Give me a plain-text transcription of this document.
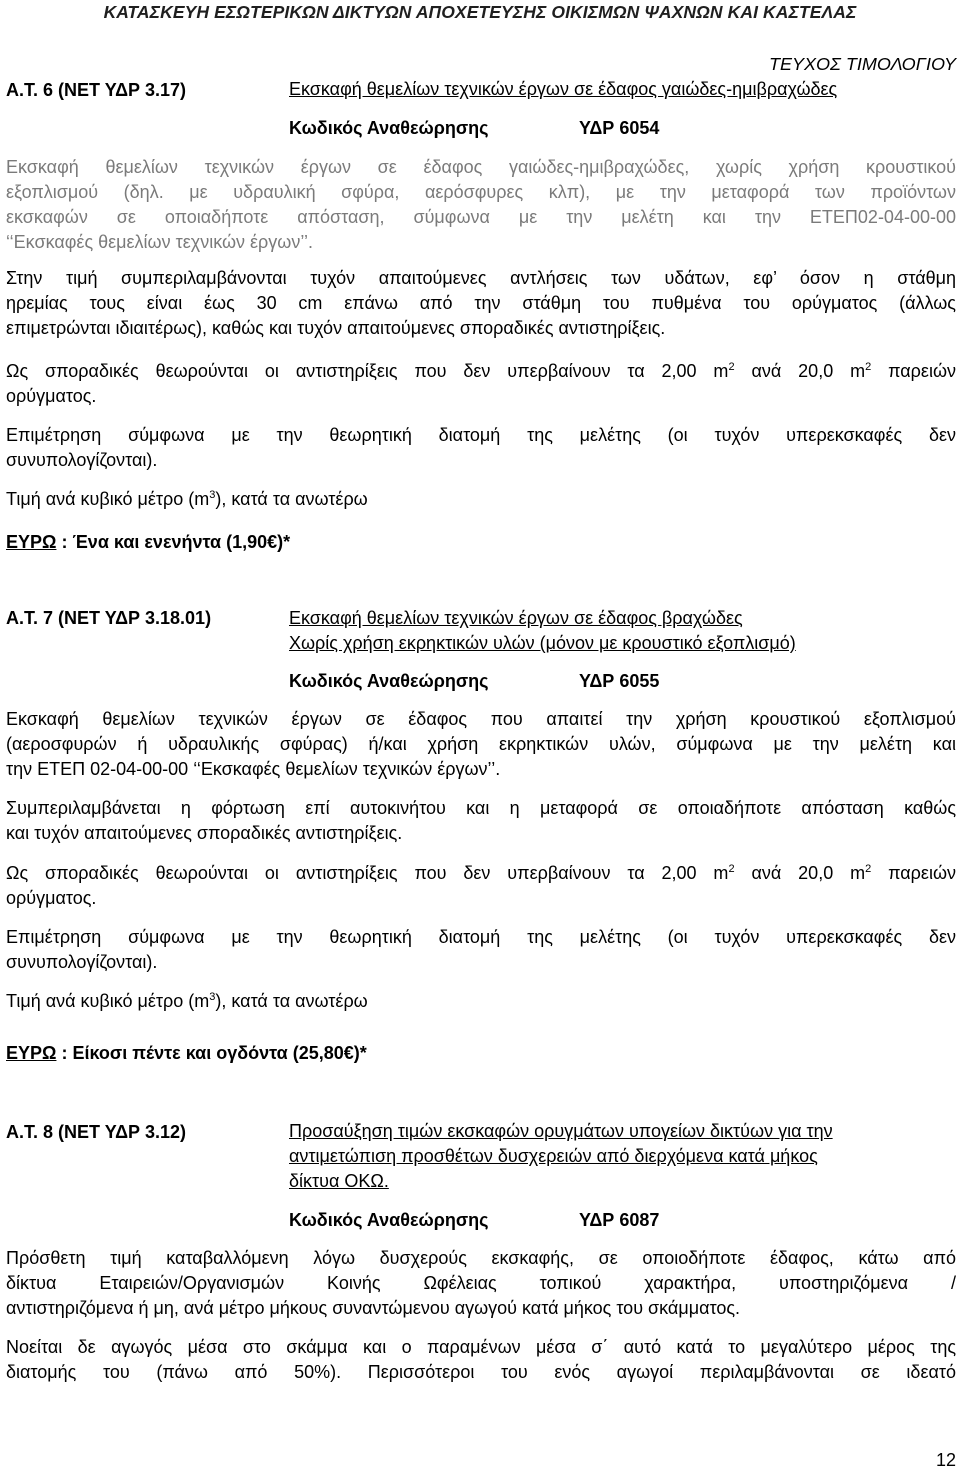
ΚΑΤΑΣΚΕΥΗ ΕΣΩΤΕΡΙΚΩΝ ΔΙΚΤΥΩΝ ΑΠΟΧΕΤΕΥΣΗΣ ΟΙΚΙΣΜΩΝ ΨΑΧΝΩΝ ΚΑΙ ΚΑΣΤΕΛΑΣ
ΤΕΥΧΟΣ ΤΙΜΟΛΟΓΙΟΥ
Α.Τ. 6 (ΝΕΤ ΥΔΡ 3.17)	Εκσκαφή θεμελίων τεχνικών έργων σε έδαφος γαιώδες-ημιβραχώδες
Κωδικός Αναθεώρησης	ΥΔΡ 6054
Εκσκαφή θεμελίων τεχνικών έργων σε έδαφος γαιώδες-ημιβραχώδες, χωρίς χρήση κρουστικού
εξοπλισμού (δηλ. με υδραυλική σφύρα, αερόσφυρες κλπ), με την μεταφορά των προϊόντων
εκσκαφών σε οποιαδήποτε απόσταση, σύμφωνα με την μελέτη και την ΕΤΕΠ02-04-00-00
‘‘Εκσκαφές θεμελίων τεχνικών έργων’’.
Στην τιμή συμπεριλαμβάνονται τυχόν απαιτούμενες αντλήσεις των υδάτων, εφ’ όσον η στάθμη
ηρεμίας τους είναι έως 30 cm επάνω από την στάθμη του πυθμένα του ορύγματος (άλλως
επιμετρώνται ιδιαιτέρως), καθώς και τυχόν απαιτούμενες σποραδικές αντιστηρίξεις.
Ως σποραδικές θεωρούνται οι αντιστηρίξεις που δεν υπερβαίνουν τα 2,00 $m^2$ ανά 20,0 $m^2$ παρειών
ορύγματος.
Επιμέτρηση σύμφωνα με την θεωρητική διατομή της μελέτης (οι τυχόν υπερεκσκαφές δεν
συνυπολογίζονται).
Τιμή ανά κυβικό μέτρο $(m^3)$, κατά τα ανωτέρω
ΕΥΡΩ : Ένα και ενενήντα (1,90€)*
Α.Τ. 7 (ΝΕΤ ΥΔΡ 3.18.01)	Εκσκαφή θεμελίων τεχνικών έργων σε έδαφος βραχώδες
Χωρίς χρήση εκρηκτικών υλών (μόνον με κρουστικό εξοπλισμό)
Κωδικός Αναθεώρησης	ΥΔΡ 6055
Εκσκαφή θεμελίων τεχνικών έργων σε έδαφος που απαιτεί την χρήση κρουστικού εξοπλισμού
(αεροσφυρών ή υδραυλικής σφύρας) ή/και χρήση εκρηκτικών υλών, σύμφωνα με την μελέτη και
την ΕΤΕΠ 02-04-00-00 ‘‘Εκσκαφές θεμελίων τεχνικών έργων’’.
Συμπεριλαμβάνεται η φόρτωση επί αυτοκινήτου και η μεταφορά σε οποιαδήποτε απόσταση καθώς
και τυχόν απαιτούμενες σποραδικές αντιστηρίξεις.
Ως σποραδικές θεωρούνται οι αντιστηρίξεις που δεν υπερβαίνουν τα 2,00 $m^2$ ανά 20,0 $m^2$ παρειών
ορύγματος.
Επιμέτρηση σύμφωνα με την θεωρητική διατομή της μελέτης (οι τυχόν υπερεκσκαφές δεν
συνυπολογίζονται).
Τιμή ανά κυβικό μέτρο $(m^3)$, κατά τα ανωτέρω
ΕΥΡΩ : Είκοσι πέντε και ογδόντα (25,80€)*
Α.Τ. 8 (ΝΕΤ ΥΔΡ 3.12)	Προσαύξηση τιμών εκσκαφών ορυγμάτων υπογείων δικτύων για την
αντιμετώπιση προσθέτων δυσχερειών από διερχόμενα κατά μήκος
δίκτυα ΟΚΩ.
Κωδικός Αναθεώρησης	ΥΔΡ 6087
Πρόσθετη τιμή καταβαλλόμενη λόγω δυσχερούς εκσκαφής, σε οποιοδήποτε έδαφος, κάτω από
δίκτυα Εταιρειών/Οργανισμών Κοινής Ωφέλειας τοπικού χαρακτήρα, υποστηριζόμενα /
αντιστηριζόμενα ή μη, ανά μέτρο μήκους συναντώμενου αγωγού κατά μήκος του σκάμματος.
Νοείται δε αγωγός μέσα στο σκάμμα και ο παραμένων μέσα σ΄ αυτό κατά το μεγαλύτερο μέρος της
διατομής του (πάνω από 50%). Περισσότεροι του ενός αγωγοί περιλαμβάνονται σε ιδεατό
12
